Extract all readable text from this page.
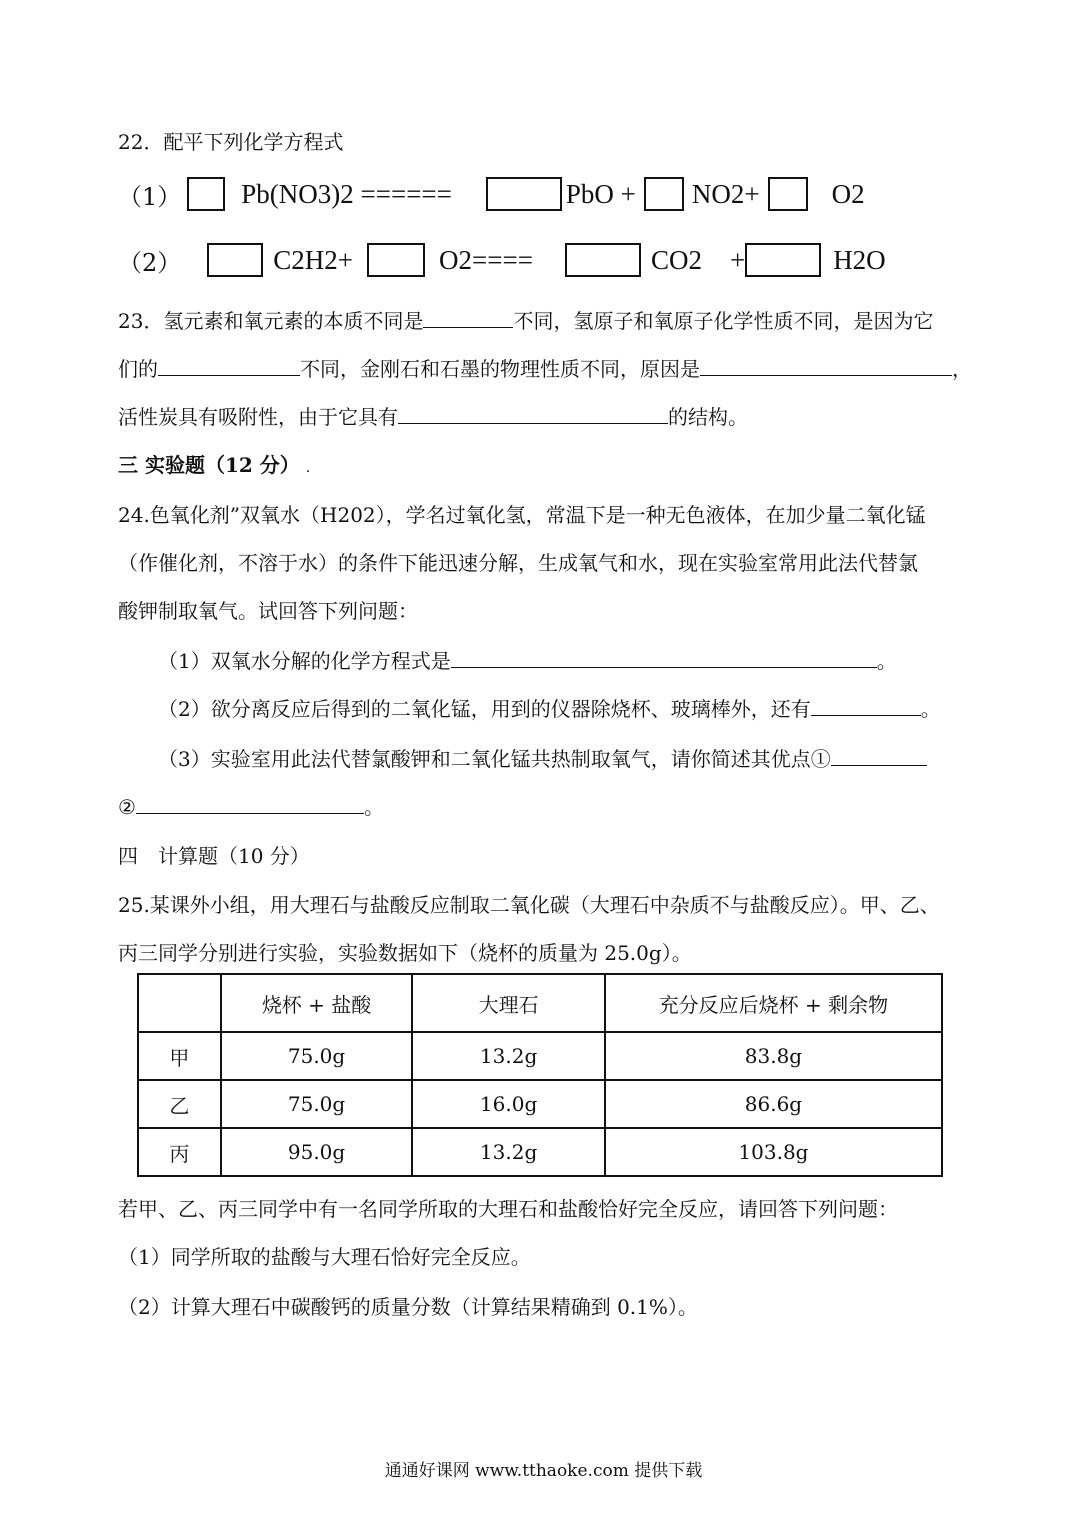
22．配平下列化学方程式
（1） Pb(NO3)2 ======	PbO + NO2+	O2
（2）	C2H2+	O2====	CO2 +	H2O
23．氢元素和氧元素的本质不同是	不同，氢原子和氧原子化学性质不同，是因为它
们的	不同，金刚石和石墨的物理性质不同，原因是	，
活性炭具有吸附性，由于它具有	的结构。
三 实验题（12 分） .
24.色氧化剂”双氧水（H202），学名过氧化氢，常温下是一种无色液体，在加少量二氧化锰
（作催化剂，不溶于水）的条件下能迅速分解，生成氧气和水，现在实验室常用此法代替氯
酸钾制取氧气。试回答下列问题：
（1）双氧水分解的化学方程式是	。
（2）欲分离反应后得到的二氧化锰，用到的仪器除烧杯、玻璃棒外，还有	。
（3）实验室用此法代替氯酸钾和二氧化锰共热制取氧气，请你简述其优点①
②	。
四　计算题（10 分）
25.某课外小组，用大理石与盐酸反应制取二氧化碳（大理石中杂质不与盐酸反应）。甲、乙、
丙三同学分别进行实验，实验数据如下（烧杯的质量为 25.0g）。
	烧杯 + 盐酸	大理石	充分反应后烧杯 + 剩余物
甲	75.0g	13.2g	83.8g
乙	75.0g	16.0g	86.6g
丙	95.0g	13.2g	103.8g
若甲、乙、丙三同学中有一名同学所取的大理石和盐酸恰好完全反应，请回答下列问题：
（1）同学所取的盐酸与大理石恰好完全反应。
（2）计算大理石中碳酸钙的质量分数（计算结果精确到 0.1%）。
通通好课网 www.tthaoke.com 提供下载
